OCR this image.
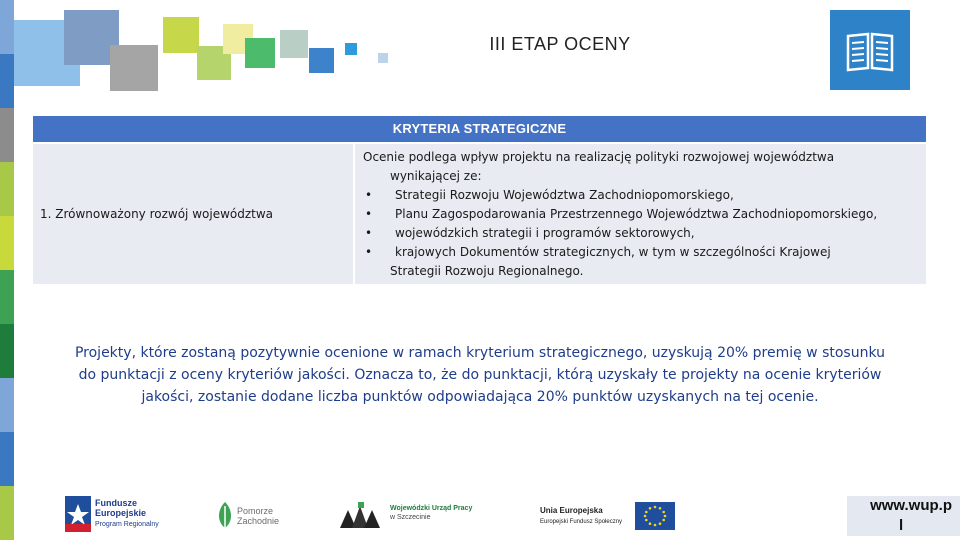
III ETAP OCENY
KRYTERIA STRATEGICZNE
1. Zrównoważony rozwój województwa
Ocenie podlega wpływ projektu na realizację polityki rozwojowej województwa
wynikającej ze:
• Strategii Rozwoju Województwa Zachodniopomorskiego,
• Planu Zagospodarowania Przestrzennego Województwa Zachodniopomorskiego,
• wojewódzkich strategii i programów sektorowych,
• krajowych Dokumentów strategicznych, w tym w szczególności Krajowej

Strategii Rozwoju Regionalnego.
Projekty, które zostaną pozytywnie ocenione w ramach kryterium strategicznego, uzyskują 20% premię w stosunku
do punktacji z oceny kryteriów jakości. Oznacza to, że do punktacji, którą uzyskały te projekty na ocenie kryteriów
jakości, zostanie dodane liczba punktów odpowiadająca 20% punktów uzyskanych na tej ocenie.
Fundusze
Europejskie
Program Regionalny
Pomorze
Zachodnie
Wojewódzki Urząd Pracy
w Szczecinie
Unia Europejska
Europejski Fundusz Społeczny
www.wup.p
l
